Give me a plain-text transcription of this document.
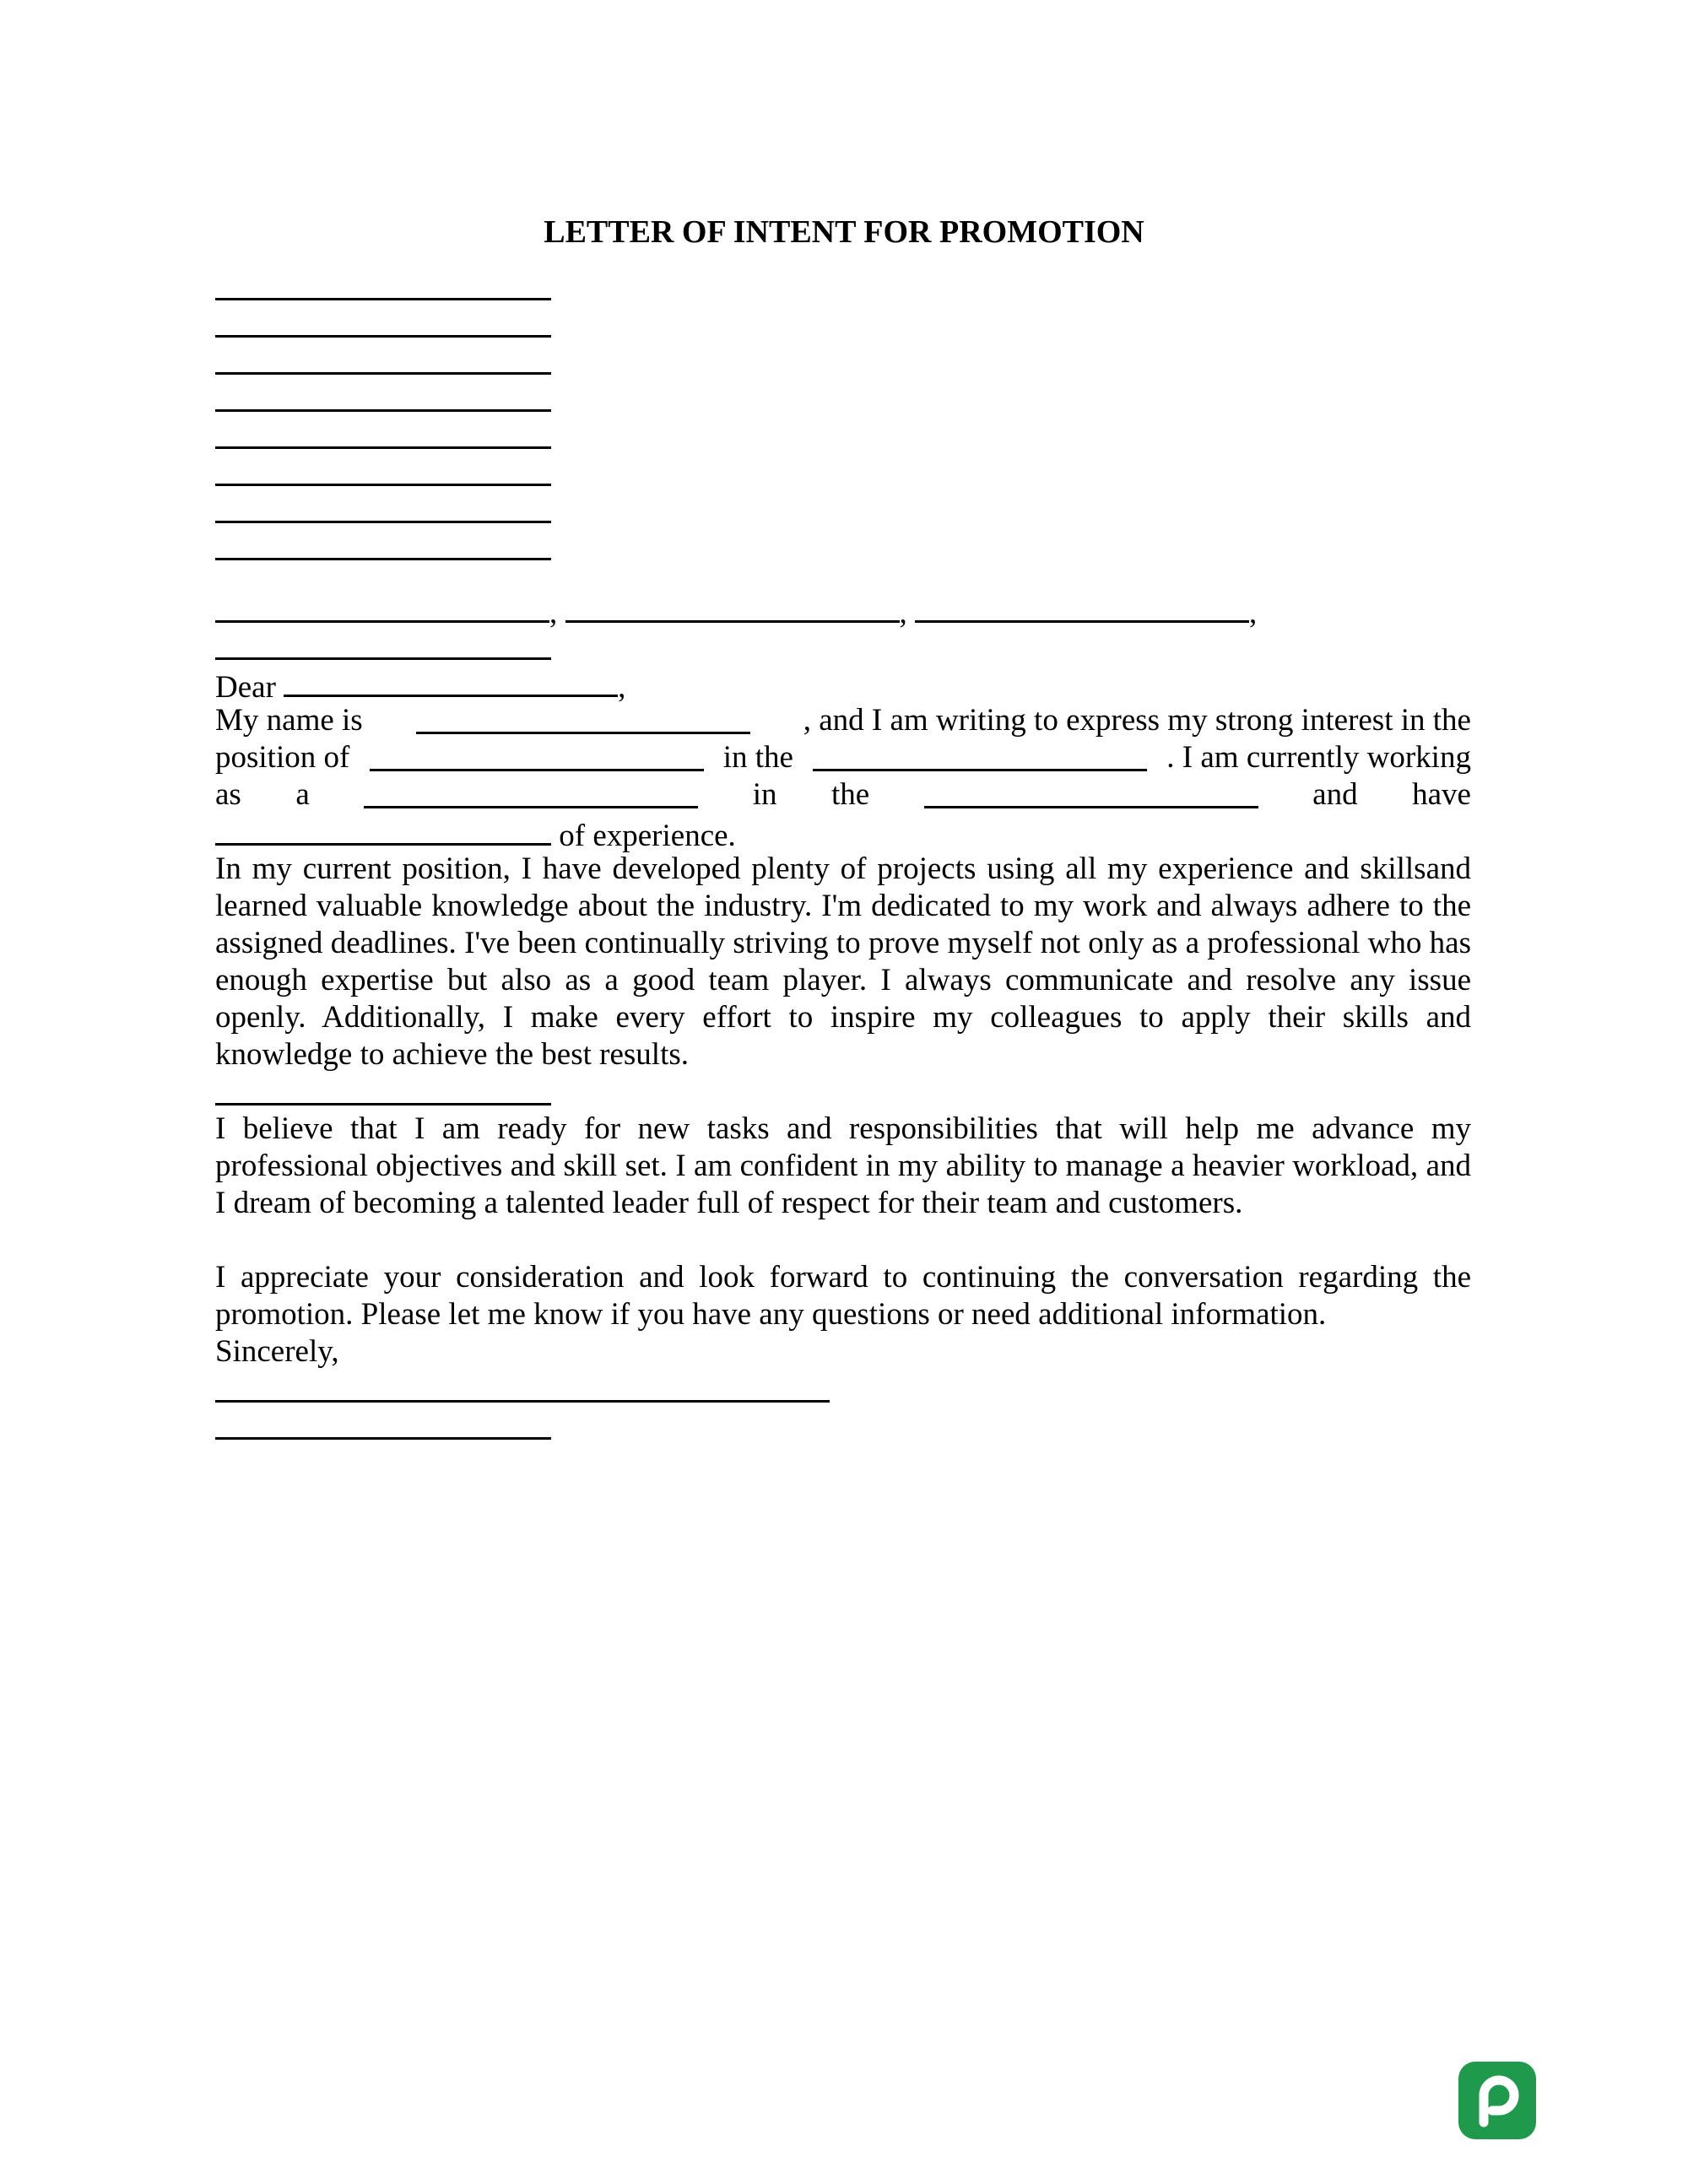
LETTER OF INTENT FOR PROMOTION
,	,	,
Dear	,
My name is	, and I am writing to express my strong interest in the
position of	in the	. I am currently working
as a	in the	and have
of experience.

In my current position, I have developed plenty of projects using all my experience and skillsand learned valuable knowledge about the industry. I'm dedicated to my work and always adhere to the assigned deadlines. I've been continually striving to prove myself not only as a professional who has enough expertise but also as a good team player. I always communicate and resolve any issue openly. Additionally, I make every effort to inspire my colleagues to apply their skills and knowledge to achieve the best results.

I believe that I am ready for new tasks and responsibilities that will help me advance my professional objectives and skill set. I am confident in my ability to manage a heavier workload, and I dream of becoming a talented leader full of respect for their team and customers.

I appreciate your consideration and look forward to continuing the conversation regarding the promotion. Please let me know if you have any questions or need additional information.

Sincerely,
